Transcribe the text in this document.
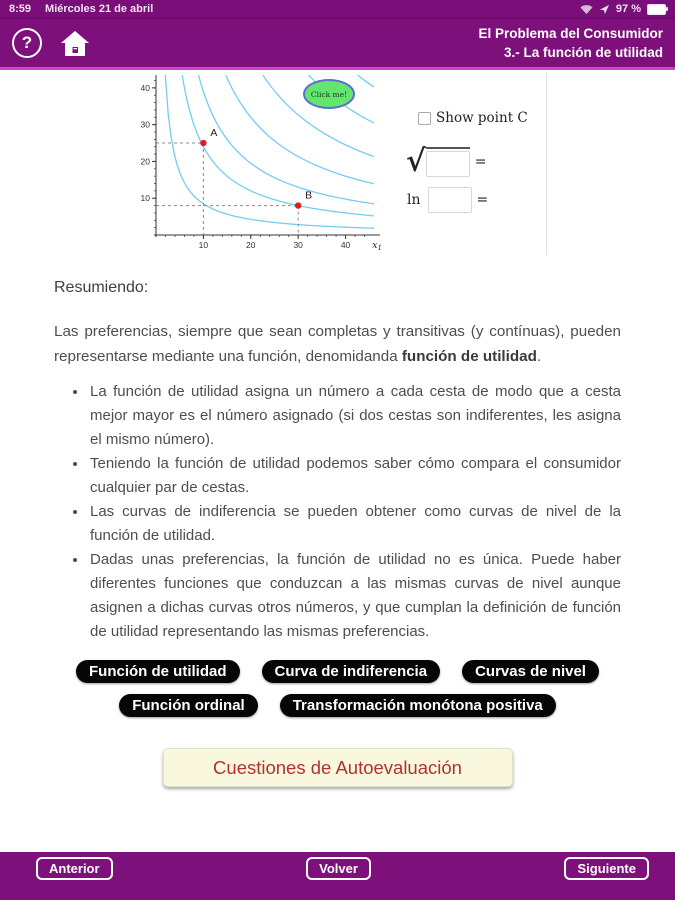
8:59 Miércoles 21 de abril	97 %
?	El Problema del Consumidor
3.- La función de utilidad
10	20	30	40
10
20
30
40
$x_1$
A
B
Click me!
Show point C
√	=
ln	=
Resumiendo:
Las preferencias, siempre que sean completas y transitivas (y contínuas), pueden representarse mediante una función, denomidanda función de utilidad.
• La función de utilidad asigna un número a cada cesta de modo que a cesta mejor mayor es el número asignado (si dos cestas son indiferentes, les asigna el mismo número).
• Teniendo la función de utilidad podemos saber cómo compara el consumidor cualquier par de cestas.
• Las curvas de indiferencia se pueden obtener como curvas de nivel de la función de utilidad.
• Dadas unas preferencias, la función de utilidad no es única. Puede haber diferentes funciones que conduzcan a las mismas curvas de nivel aunque asignen a dichas curvas otros números, y que cumplan la definición de función de utilidad representando las mismas preferencias.
Función de utilidad	Curva de indiferencia	Curvas de nivel
Función ordinal	Transformación monótona positiva
Cuestiones de Autoevaluación
Anterior	Volver	Siguiente
